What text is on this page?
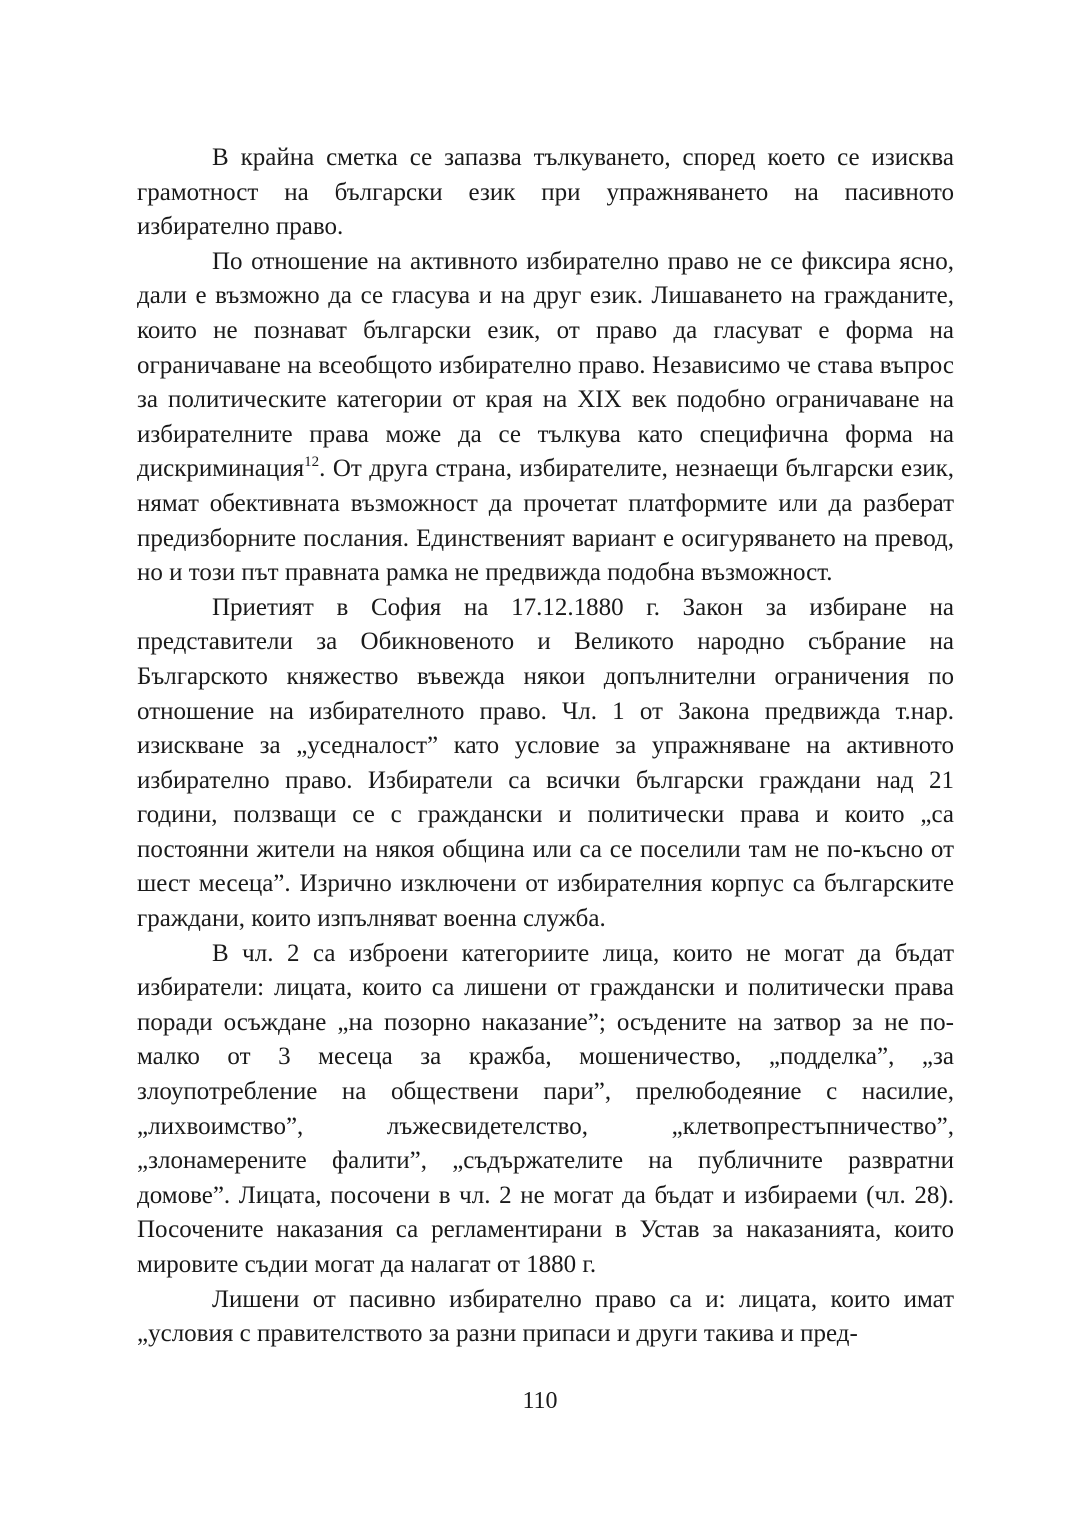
В крайна сметка се запазва тълкуването, според което се изисква грамотност на български език при упражняването на пасивното избирателно право.

По отношение на активното избирателно право не се фиксира ясно, дали е възможно да се гласува и на друг език. Лишаването на гражданите, които не познават български език, от право да гласуват е форма на ограничаване на всеобщото избирателно право. Независимо че става въпрос за политическите категории от края на XIX век подобно ограничаване на избирателните права може да се тълкува като специфична форма на дискриминация$^{12}$. От друга страна, избирателите, незнаещи български език, нямат обективната възможност да прочетат платформите или да разберат предизборните послания. Единственият вариант е осигуряването на превод, но и този път правната рамка не предвижда подобна възможност.

Приетият в София на 17.12.1880 г. Закон за избиране на представители за Обикновеното и Великото народно събрание на Българското княжество въвежда някои допълнителни ограничения по отношение на избирателното право. Чл. 1 от Закона предвижда т.нар. изискване за „уседналост” като условие за упражняване на активното избирателно право. Избиратели са всички български граждани над 21 години, ползващи се с граждански и политически права и които „са постоянни жители на някоя община или са се поселили там не по-късно от шест месеца”. Изрично изключени от избирателния корпус са българските граждани, които изпълняват военна служба.

В чл. 2 са изброени категориите лица, които не могат да бъдат избиратели: лицата, които са лишени от граждански и политически права поради осъждане „на позорно наказание”; осъдените на затвор за не по-малко от 3 месеца за кражба, мошеничество, „подделка”, „за злоупотребление на обществени пари”, прелюбодеяние с насилие, „лихвоимство”, лъжесвидетелство, „клетвопрестъпничество”, „злонамерените фалити”, „съдържателите на публичните развратни домове”. Лицата, посочени в чл. 2 не могат да бъдат и избираеми (чл. 28). Посочените наказания са регламентирани в Устав за наказанията, които мировите съдии могат да налагат от 1880 г.

Лишени от пасивно избирателно право са и: лицата, които имат „условия с правителството за разни припаси и други такива и пред-

110
